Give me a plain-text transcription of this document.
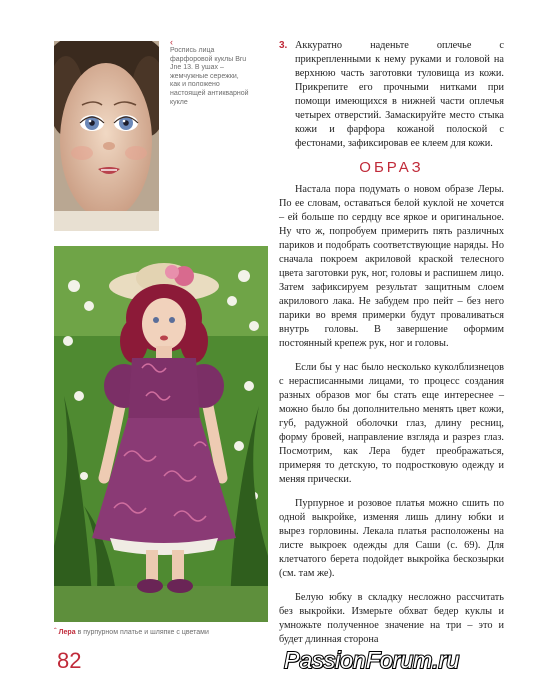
‹
Роспись лица фарфоровой куклы Bru Jne 13. В ушах – жемчужные сережки, как и положено настоящей антикварной кукле
ˆ Лера в пурпурном платье и шляпке с цветами

3. Аккуратно наденьте оплечье с прикрепленными к нему руками и головой на верхнюю часть заготовки туловища из кожи. Прикрепите его прочными нитками при помощи имеющихся в нижней части оплечья четырех отверстий. Замаскируйте место стыка кожи и фарфора кожаной полоской с фестонами, зафиксировав ее клеем для кожи.

ОБРАЗ

Настала пора подумать о новом образе Леры. По ее словам, оставаться белой куклой не хочется – ей больше по сердцу все яркое и оригинальное. Ну что ж, попробуем примерить пять различных париков и подобрать соответствующие наряды. Но сначала покроем акриловой краской телесного цвета заготовки рук, ног, головы и распишем лицо. Затем зафиксируем результат защитным слоем акрилового лака. Не забудем про пейт – без него парики во время примерки будут проваливаться внутрь головы. В завершение оформим постоянный крепеж рук, ног и головы.

Если бы у нас было несколько куколблизнецов с нерасписанными лицами, то процесс создания разных образов мог бы стать еще интереснее – можно было бы дополнительно менять цвет кожи, губ, радужной оболочки глаз, длину ресниц, форму бровей, направление взгляда и разрез глаз. Посмотрим, как Лера будет преображаться, примеряя то детскую, то подростковую одежду и меняя прически.

Пурпурное и розовое платья можно сшить по одной выкройке, изменяя лишь длину юбки и вырез горловины. Лекала платья расположены на листе выкроек одежды для Саши (с. 69). Для клетчатого берета подойдет выкройка бескозырки (см. там же).

Белую юбку в складку несложно рассчитать без выкройки. Измерьте обхват бедер куклы и умножьте полученное значение на три – это и будет длинная сторона

82	PassionForum.ru
